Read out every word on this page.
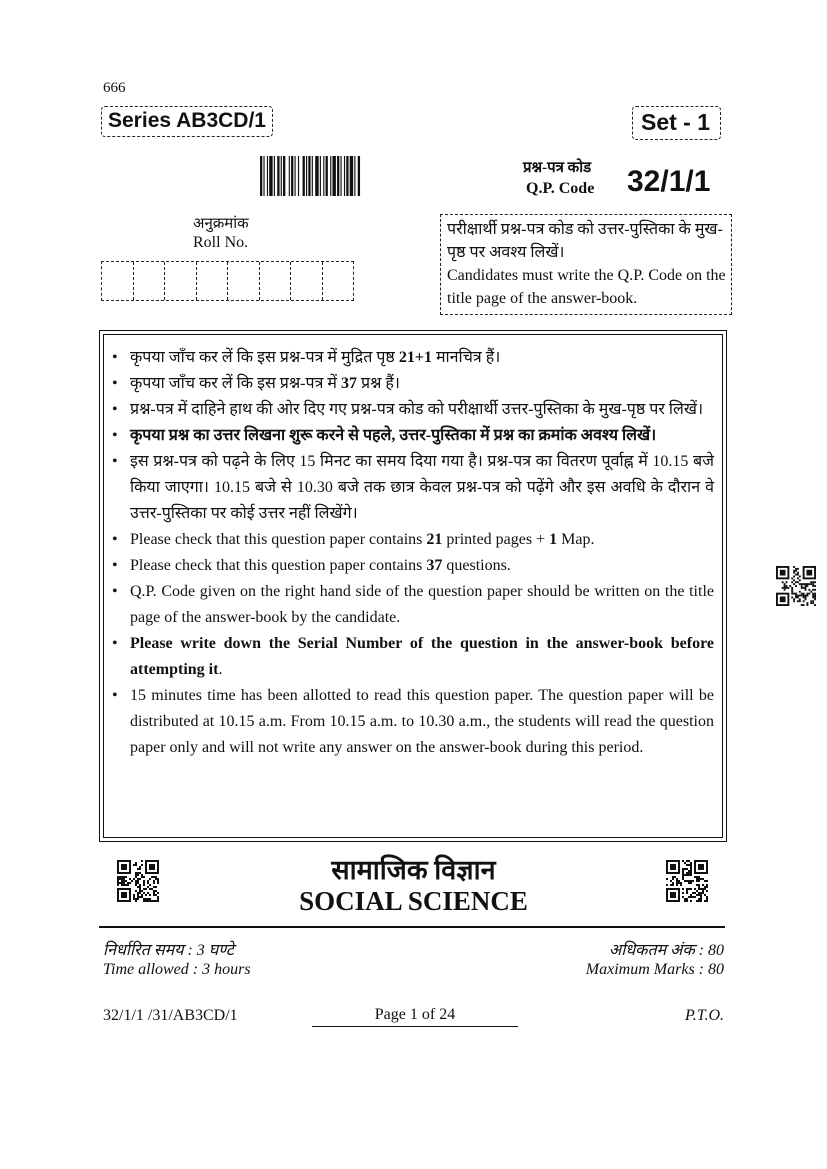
666
Series AB3CD/1	Set - 1
प्रश्न-पत्र कोड
Q.P. Code 32/1/1
अनुक्रमांक
Roll No.
परीक्षार्थी प्रश्न-पत्र कोड को उत्तर-पुस्तिका के मुख-पृष्ठ पर अवश्य लिखें।
Candidates must write the Q.P. Code on the title page of the answer-book.
• कृपया जाँच कर लें कि इस प्रश्न-पत्र में मुद्रित पृष्ठ 21+1 मानचित्र हैं।
• कृपया जाँच कर लें कि इस प्रश्न-पत्र में 37 प्रश्न हैं।
• प्रश्न-पत्र में दाहिने हाथ की ओर दिए गए प्रश्न-पत्र कोड को परीक्षार्थी उत्तर-पुस्तिका के मुख-पृष्ठ पर लिखें।
• कृपया प्रश्न का उत्तर लिखना शुरू करने से पहले, उत्तर-पुस्तिका में प्रश्न का क्रमांक अवश्य लिखें।
• इस प्रश्न-पत्र को पढ़ने के लिए 15 मिनट का समय दिया गया है। प्रश्न-पत्र का वितरण पूर्वाह्न में 10.15 बजे किया जाएगा। 10.15 बजे से 10.30 बजे तक छात्र केवल प्रश्न-पत्र को पढ़ेंगे और इस अवधि के दौरान वे उत्तर-पुस्तिका पर कोई उत्तर नहीं लिखेंगे।
• Please check that this question paper contains 21 printed pages + 1 Map.
• Please check that this question paper contains 37 questions.
• Q.P. Code given on the right hand side of the question paper should be written on the title page of the answer-book by the candidate.
• Please write down the Serial Number of the question in the answer-book before attempting it.
• 15 minutes time has been allotted to read this question paper. The question paper will be distributed at 10.15 a.m. From 10.15 a.m. to 10.30 a.m., the students will read the question paper only and will not write any answer on the answer-book during this period.
सामाजिक विज्ञान
SOCIAL SCIENCE
निर्धारित समय : 3 घण्टे
Time allowed : 3 hours
अधिकतम अंक : 80
Maximum Marks : 80
32/1/1 /31/AB3CD/1	Page 1 of 24	P.T.O.
